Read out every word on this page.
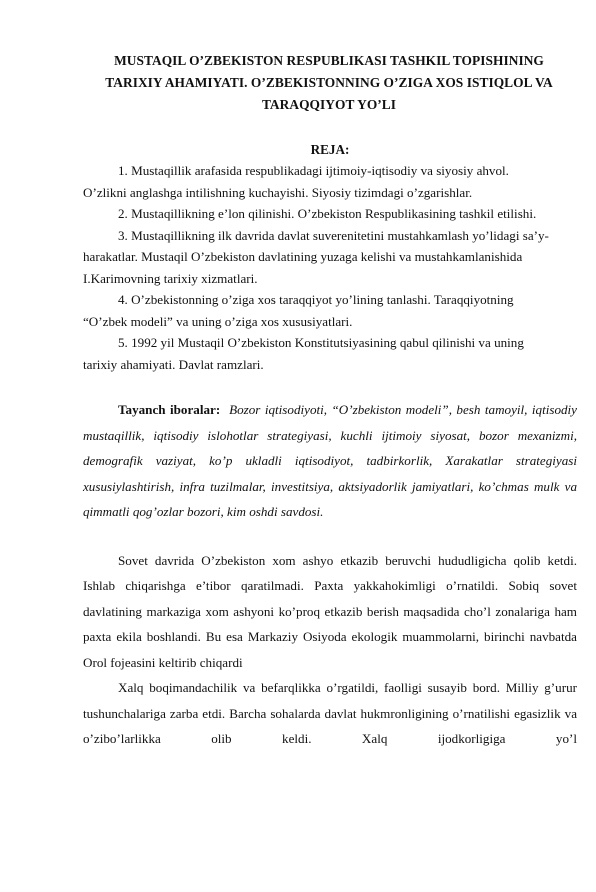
MUSTAQIL O’ZBEKISTON RESPUBLIKASI TASHKIL TOPISHINING
TARIXIY AHAMIYATI. O’ZBEKISTONNING O’ZIGA XOS ISTIQLOL VA
TARAQQIYOT YO’LI
REJA:

1. Mustaqillik arafasida respublikadagi ijtimoiy-iqtisodiy va siyosiy ahvol.

O’zlikni anglashga intilishning kuchayishi. Siyosiy tizimdagi o’zgarishlar.

2. Mustaqillikning e’lon qilinishi. O’zbekiston Respublikasining tashkil etilishi.

3. Mustaqillikning ilk davrida davlat suverenitetini mustahkamlash yo’lidagi sa’y-

harakatlar. Mustaqil O’zbekiston davlatining yuzaga kelishi va mustahkamlanishida

I.Karimovning tarixiy xizmatlari.

4. O’zbekistonning o’ziga xos taraqqiyot yo’lining tanlashi. Taraqqiyotning

“O’zbek modeli” va uning o’ziga xos xususiyatlari.

5. 1992 yil Mustaqil O’zbekiston Konstitutsiyasining qabul qilinishi va uning

tarixiy ahamiyati. Davlat ramzlari.

Tayanch iboralar: Bozor iqtisodiyoti, “O’zbekiston modeli”, besh tamoyil, iqtisodiy mustaqillik, iqtisodiy islohotlar strategiyasi, kuchli ijtimoiy siyosat, bozor mexanizmi, demografik vaziyat, ko’p ukladli iqtisodiyot, tadbirkorlik, Xarakatlar strategiyasi xususiylashtirish, infra tuzilmalar, investitsiya, aktsiyadorlik jamiyatlari, ko’chmas mulk va qimmatli qog’ozlar bozori, kim oshdi savdosi.

Sovet davrida O’zbekiston xom ashyo etkazib beruvchi hududligicha qolib ketdi. Ishlab chiqarishga e’tibor qaratilmadi. Paxta yakkahokimligi o’rnatildi. Sobiq sovet davlatining markaziga xom ashyoni ko’proq etkazib berish maqsadida cho’l zonalariga ham paxta ekila boshlandi. Bu esa Markaziy Osiyoda ekologik muammolarni, birinchi navbatda Orol fojeasini keltirib chiqardi

Xalq boqimandachilik va befarqlikka o’rgatildi, faolligi susayib bord. Milliy g’urur tushunchalariga zarba etdi. Barcha sohalarda davlat hukmronligining o’rnatilishi egasizlik va o’zibo’larlikka olib keldi. Xalq ijodkorligiga yo’l
